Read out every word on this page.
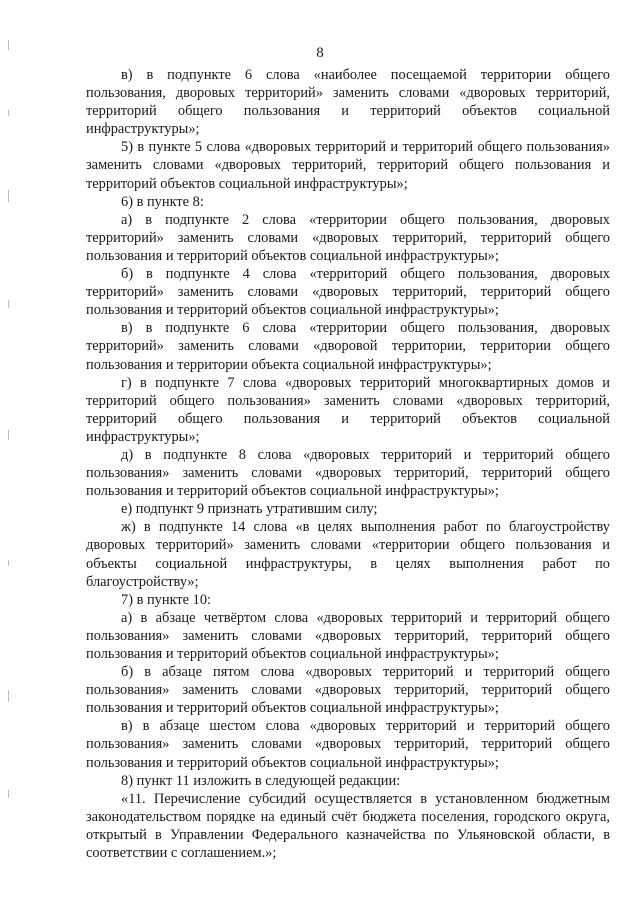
8

в) в подпункте 6 слова «наиболее посещаемой территории общего пользования, дворовых территорий» заменить словами «дворовых территорий, территорий общего пользования и территорий объектов социальной инфраструктуры»;

5) в пункте 5 слова «дворовых территорий и территорий общего пользования» заменить словами «дворовых территорий, территорий общего пользования и территорий объектов социальной инфраструктуры»;

6) в пункте 8:

а) в подпункте 2 слова «территории общего пользования, дворовых территорий» заменить словами «дворовых территорий, территорий общего пользования и территорий объектов социальной инфраструктуры»;

б) в подпункте 4 слова «территорий общего пользования, дворовых территорий» заменить словами «дворовых территорий, территорий общего пользования и территорий объектов социальной инфраструктуры»;

в) в подпункте 6 слова «территории общего пользования, дворовых территорий» заменить словами «дворовой территории, территории общего пользования и территории объекта социальной инфраструктуры»;

г) в подпункте 7 слова «дворовых территорий многоквартирных домов и территорий общего пользования» заменить словами «дворовых территорий, территорий общего пользования и территорий объектов социальной инфраструктуры»;

д) в подпункте 8 слова «дворовых территорий и территорий общего пользования» заменить словами «дворовых территорий, территорий общего пользования и территорий объектов социальной инфраструктуры»;

е) подпункт 9 признать утратившим силу;

ж) в подпункте 14 слова «в целях выполнения работ по благоустройству дворовых территорий» заменить словами «территории общего пользования и объекты социальной инфраструктуры, в целях выполнения работ по благоустройству»;

7) в пункте 10:

а) в абзаце четвёртом слова «дворовых территорий и территорий общего пользования» заменить словами «дворовых территорий, территорий общего пользования и территорий объектов социальной инфраструктуры»;

б) в абзаце пятом слова «дворовых территорий и территорий общего пользования» заменить словами «дворовых территорий, территорий общего пользования и территорий объектов социальной инфраструктуры»;

в) в абзаце шестом слова «дворовых территорий и территорий общего пользования» заменить словами «дворовых территорий, территорий общего пользования и территорий объектов социальной инфраструктуры»;

8) пункт 11 изложить в следующей редакции:

«11. Перечисление субсидий осуществляется в установленном бюджетным законодательством порядке на единый счёт бюджета поселения, городского округа, открытый в Управлении Федерального казначейства по Ульяновской области, в соответствии с соглашением.»;
